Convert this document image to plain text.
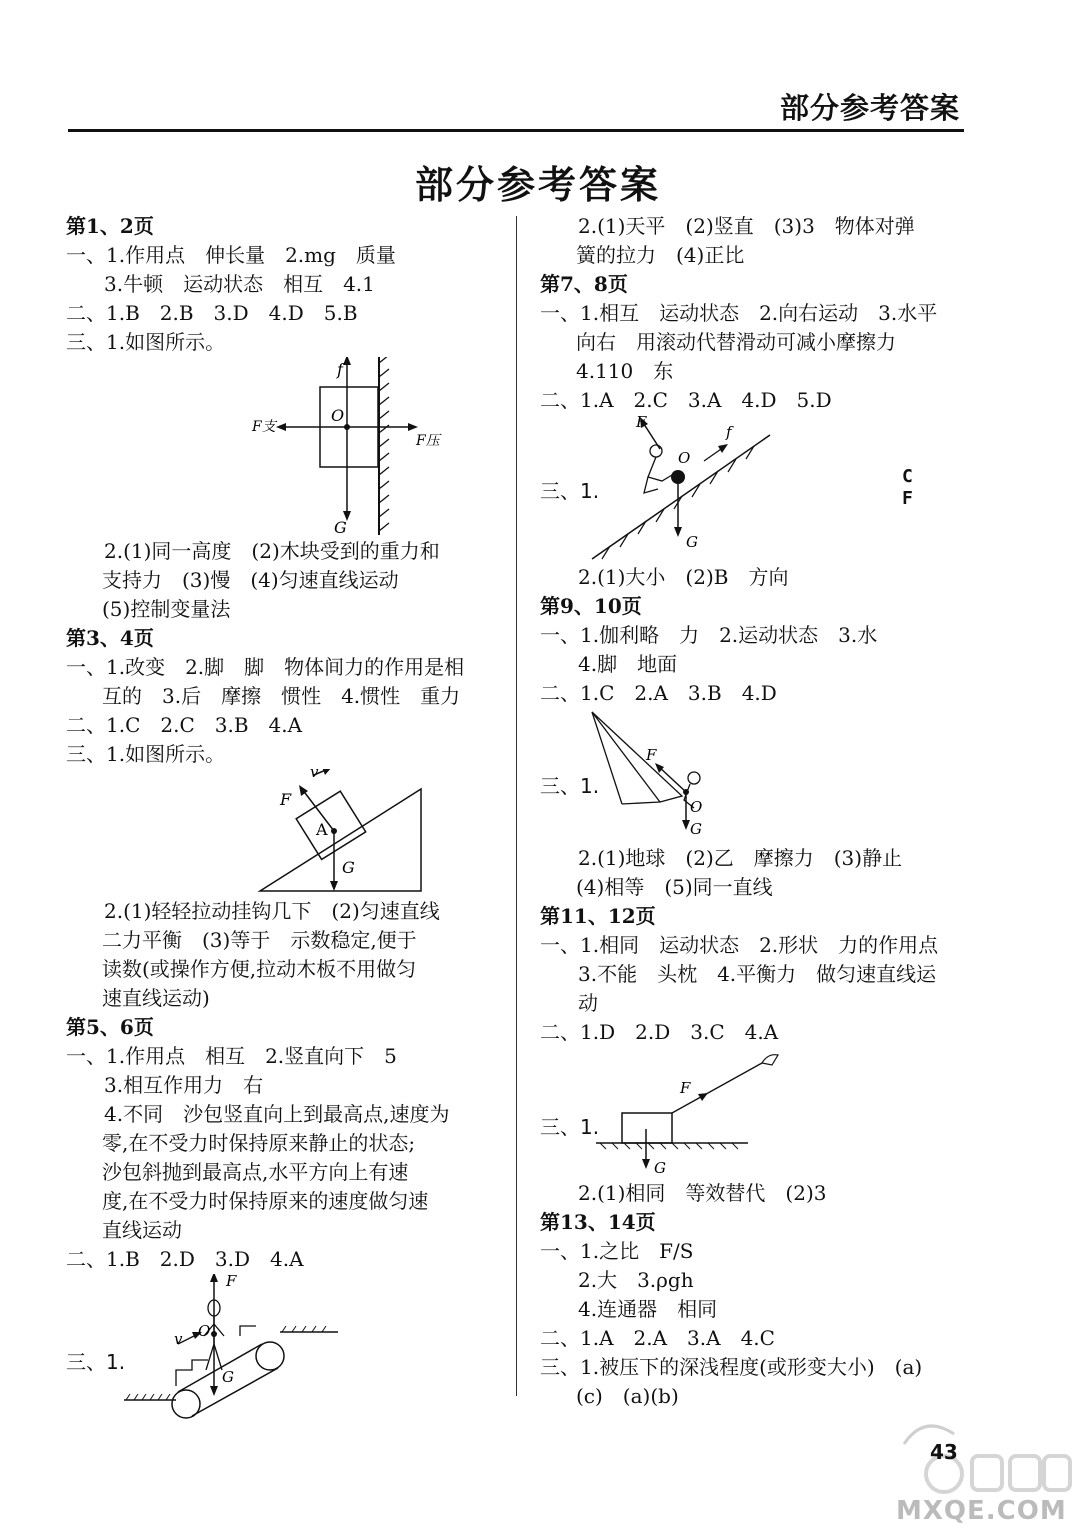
部分参考答案
部分参考答案

第1、2页

一、1.作用点　伸长量　2.mg　质量

3.牛顿　运动状态　相互　4.1

二、1.B　2.B　3.D　4.D　5.B

三、1.如图所示。

f
O
F支
F压
G

2.(1)同一高度　(2)木块受到的重力和

支持力　(3)慢　(4)匀速直线运动

(5)控制变量法

第3、4页

一、1.改变　2.脚　脚　物体间力的作用是相

互的　3.后　摩擦　惯性　4.惯性　重力

二、1.C　2.C　3.B　4.A

三、1.如图所示。

v
F
A
G

2.(1)轻轻拉动挂钩几下　(2)匀速直线

二力平衡　(3)等于　示数稳定,便于

读数(或操作方便,拉动木板不用做匀

速直线运动)

第5、6页

一、1.作用点　相互　2.竖直向下　5

3.相互作用力　右

4.不同　沙包竖直向上到最高点,速度为

零,在不受力时保持原来静止的状态;

沙包斜抛到最高点,水平方向上有速

度,在不受力时保持原来的速度做匀速

直线运动

二、1.B　2.D　3.D　4.A

三、1.
F
v O
G

2.(1)天平　(2)竖直　(3)3　物体对弹

簧的拉力　(4)正比

第7、8页

一、1.相互　运动状态　2.向右运动　3.水平

向右　用滚动代替滑动可减小摩擦力

4.110　东

二、1.A　2.C　3.A　4.D　5.D

三、1.
F
f
O
G

2.(1)大小　(2)B　方向

第9、10页

一、1.伽利略　力　2.运动状态　3.水

4.脚　地面

二、1.C　2.A　3.B　4.D

三、1.
F
O
G

2.(1)地球　(2)乙　摩擦力　(3)静止

(4)相等　(5)同一直线

第11、12页

一、1.相同　运动状态　2.形状　力的作用点

3.不能　头枕　4.平衡力　做匀速直线运

动

二、1.D　2.D　3.C　4.A

三、1.
F
G

2.(1)相同　等效替代　(2)3

第13、14页

一、1.之比　F/S

2.大　3.ρgh

4.连通器　相同

二、1.A　2.A　3.A　4.C

三、1.被压下的深浅程度(或形变大小)　(a)

(c)　(a)(b)

C
F
43
MXQE.COM
